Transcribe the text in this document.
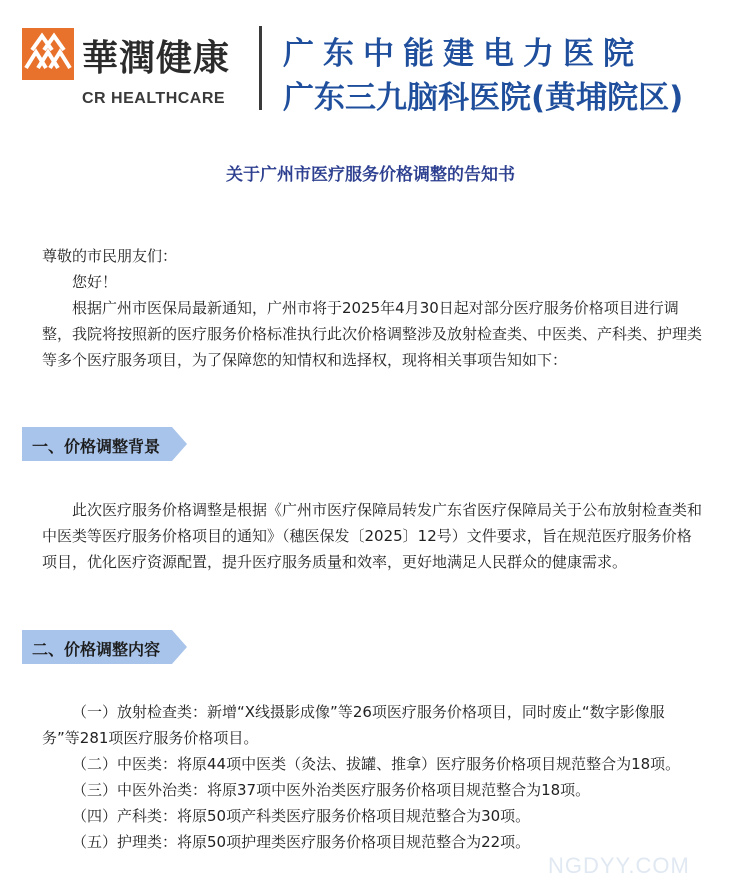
華潤健康
CR HEALTHCARE
广东中能建电力医院
广东三九脑科医院(黄埔院区)
关于广州市医疗服务价格调整的告知书

尊敬的市民朋友们：

您好！

根据广州市医保局最新通知，广州市将于2025年4月30日起对部分医疗服务价格项目进行调整，我院将按照新的医疗服务价格标准执行此次价格调整涉及放射检查类、中医类、产科类、护理类等多个医疗服务项目，为了保障您的知情权和选择权，现将相关事项告知如下：

一、价格调整背景

此次医疗服务价格调整是根据《广州市医疗保障局转发广东省医疗保障局关于公布放射检查类和中医类等医疗服务价格项目的通知》（穗医保发〔2025〕12号）文件要求，旨在规范医疗服务价格项目，优化医疗资源配置，提升医疗服务质量和效率，更好地满足人民群众的健康需求。

二、价格调整内容

（一）放射检查类：新增“X线摄影成像”等26项医疗服务价格项目，同时废止“数字影像服务”等281项医疗服务价格项目。

（二）中医类：将原44项中医类（灸法、拔罐、推拿）医疗服务价格项目规范整合为18项。

（三）中医外治类：将原37项中医外治类医疗服务价格项目规范整合为18项。

（四）产科类：将原50项产科类医疗服务价格项目规范整合为30项。

（五）护理类：将原50项护理类医疗服务价格项目规范整合为22项。

NGDYY.COM
